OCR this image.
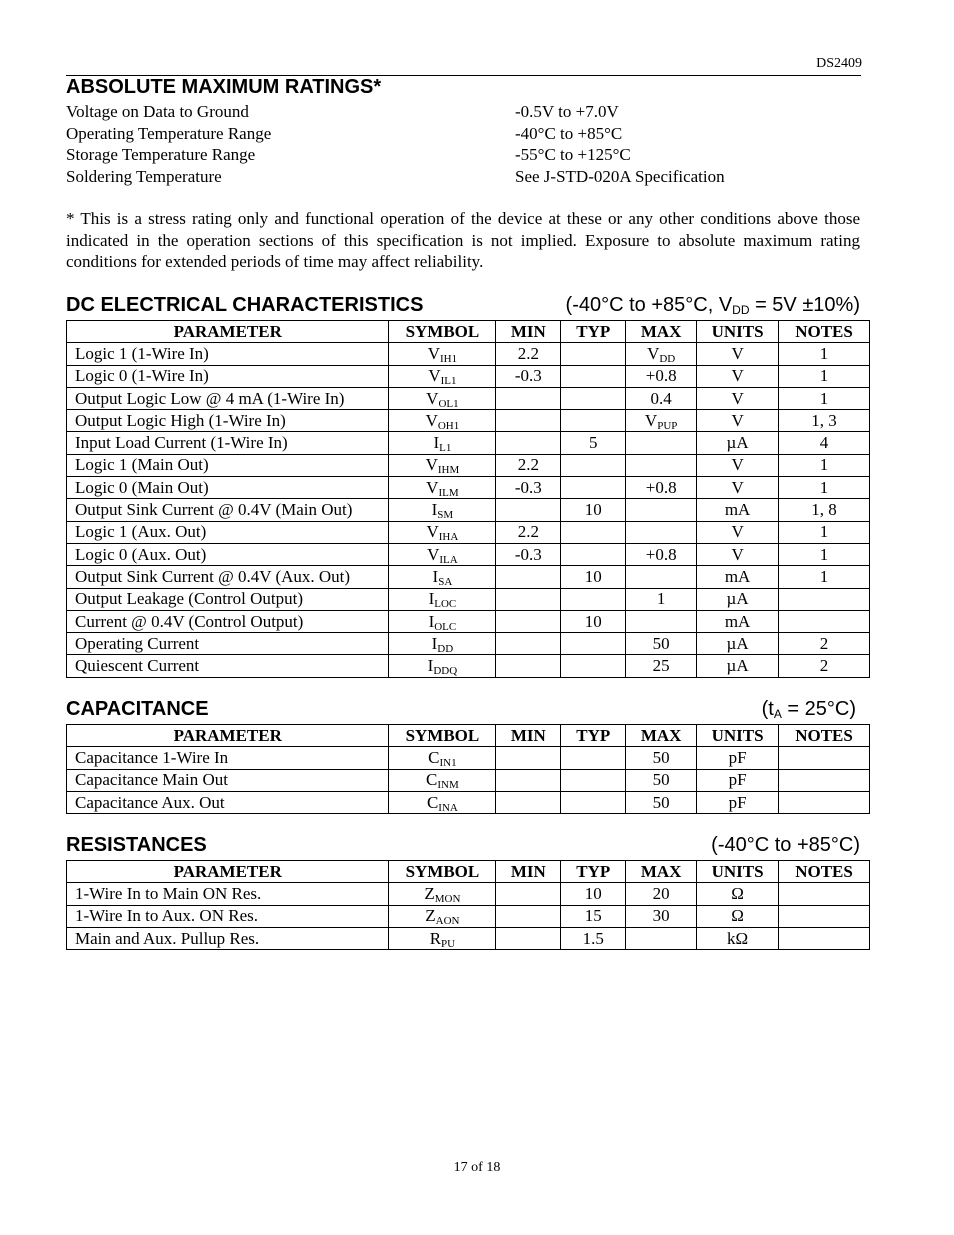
DS2409
ABSOLUTE MAXIMUM RATINGS*
Voltage on Data to Ground	-0.5V to +7.0V
Operating Temperature Range	-40°C to +85°C
Storage Temperature Range	-55°C to +125°C
Soldering Temperature	See J-STD-020A Specification
* This is a stress rating only and functional operation of the device at these or any other conditions above those indicated in the operation sections of this specification is not implied. Exposure to absolute maximum rating conditions for extended periods of time may affect reliability.
DC ELECTRICAL CHARACTERISTICS	(-40°C to +85°C, $V_{DD} = 5V \pm 10\%$)
PARAMETER	SYMBOL	MIN	TYP	MAX	UNITS	NOTES
Logic 1 (1-Wire In)	$V_{IH1}$	2.2		$V_{DD}$	V	1
Logic 0 (1-Wire In)	$V_{IL1}$	-0.3		+0.8	V	1
Output Logic Low @ 4 mA (1-Wire In)	$V_{OL1}$			0.4	V	1
Output Logic High (1-Wire In)	$V_{OH1}$			$V_{PUP}$	V	1, 3
Input Load Current (1-Wire In)	$I_{L1}$		5		µA	4
Logic 1 (Main Out)	$V_{IHM}$	2.2			V	1
Logic 0 (Main Out)	$V_{ILM}$	-0.3		+0.8	V	1
Output Sink Current @ 0.4V (Main Out)	$I_{SM}$		10		mA	1, 8
Logic 1 (Aux. Out)	$V_{IHA}$	2.2			V	1
Logic 0 (Aux. Out)	$V_{ILA}$	-0.3		+0.8	V	1
Output Sink Current @ 0.4V (Aux. Out)	$I_{SA}$		10		mA	1
Output Leakage (Control Output)	$I_{LOC}$			1	µA	
Current @ 0.4V (Control Output)	$I_{OLC}$		10		mA	
Operating Current	$I_{DD}$			50	µA	2
Quiescent Current	$I_{DDQ}$			25	µA	2
CAPACITANCE	$(t_A = 25^\circ C)$
PARAMETER	SYMBOL	MIN	TYP	MAX	UNITS	NOTES
Capacitance 1-Wire In	$C_{IN1}$			50	pF	
Capacitance Main Out	$C_{INM}$			50	pF	
Capacitance Aux. Out	$C_{INA}$			50	pF	
RESISTANCES	(-40°C to +85°C)
PARAMETER	SYMBOL	MIN	TYP	MAX	UNITS	NOTES
1-Wire In to Main ON Res.	$Z_{MON}$		10	20	Ω	
1-Wire In to Aux. ON Res.	$Z_{AON}$		15	30	Ω	
Main and Aux. Pullup Res.	$R_{PU}$		1.5		kΩ	
17 of 18
